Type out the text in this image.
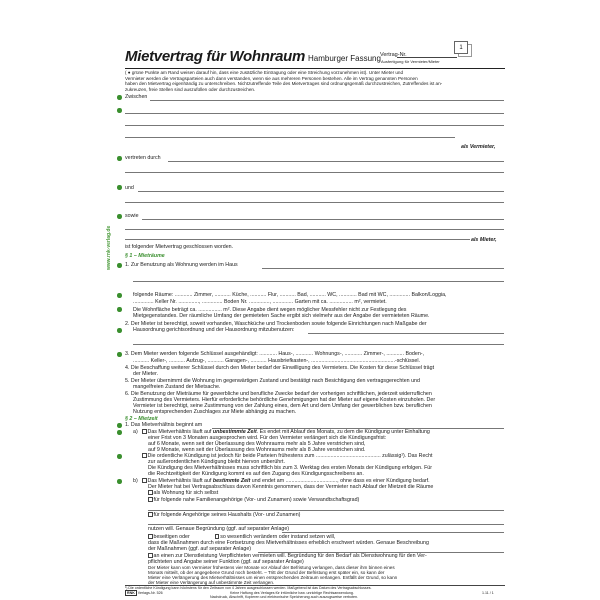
www.rnk-verlag.de
1
Mietvertrag für Wohnraum Hamburger Fassung Vertrag-Nr.
Ausfertigung für Vermieter/Mieter
( ● grüne Punkte am Rand weisen darauf hin, dass eine zusätzliche Eintragung oder eine Streichung vorzunehmen ist). Unter Mieter und
Vermieter werden die Vertragsparteien auch dann verstanden, wenn sie aus mehreren Personen bestehen. Alle im Vertrag genannten Personen
haben den Mietvertrag eigenhändig zu unterschreiben. Nichtzutreffende Teile des Mietvertrages sind ordnungsgemäß durchzustreichen, Zutreffendes ist an-
zukreuzen, freie Stellen sind auszufüllen oder durchzustreichen.
Zwischen
als Vermieter,
vertreten durch
und
sowie
als Mieter,
ist folgender Mietvertrag geschlossen worden.
§ 1 – Mieträume
1. Zur Benutzung als Wohnung werden im Haus
folgende Räume: ............ Zimmer, ........... Küche, ........... Flur, ........... Bad, ........... WC, ............ Bad mit WC, .............. Balkon/Loggia,
.............. Keller Nr. .............., .............. Boden Nr. .............., .............. Garten mit ca. ................ m², vermietet.
Die Wohnfläche beträgt ca. ................ m². Diese Angabe dient wegen möglicher Messfehler nicht zur Festlegung des
Mietgegenstandes. Der räumliche Umfang der gemieteten Sache ergibt sich vielmehr aus der Angabe der vermieteten Räume.
2. Der Mieter ist berechtigt, soweit vorhanden, Waschküche und Trockenboden sowie folgende Einrichtungen nach Maßgabe der
Hausordnung gerichtsordnung und der Hausordnung mitzubenutzen:
3. Dem Mieter werden folgende Schlüssel ausgehändigt: ............ Haus-, ............ Wohnungs-, ............ Zimmer-, ............ Boden-,
........... Keller-, ........... Aufzug-, ........... Garagen-, ........... Hausbriefkasten-, .........................................................-schlüssel.
4. Die Beschaffung weiterer Schlüssel durch den Mieter bedarf der Einwilligung des Vermieters. Die Kosten für diese Schlüssel trägt
der Mieter.
5. Der Mieter übernimmt die Wohnung im gegenwärtigen Zustand und bestätigt nach Besichtigung den vertragsgerechten und
mangelfreien Zustand der Mietsache.
6. Die Benutzung der Mieträume für gewerbliche und berufliche Zwecke bedarf der vorherigen schriftlichen, jederzeit widerruflichen
Zustimmung des Vermieters. Hierfür erforderliche behördliche Genehmigungen hat der Mieter auf eigene Kosten einzuholen. Der
Vermieter ist berechtigt, seine Zustimmung von der Zahlung eines, dem Art und dem Umfang der gewerblichen bzw. beruflichen
Nutzung entsprechenden Zuschlages zur Miete abhängig zu machen.
§ 2 – Mietzeit
1. Das Mietverhältnis beginnt am
a)	Das Mietverhältnis läuft auf unbestimmte Zeit. Es endet mit Ablauf des Monats, zu dem die Kündigung unter Einhaltung
einer Frist von 3 Monaten ausgesprochen wird. Für den Vermieter verlängert sich die Kündigungsfrist:
auf 6 Monate, wenn seit der Überlassung des Wohnraums mehr als 5 Jahre verstrichen sind,
auf 9 Monate, wenn seit der Überlassung des Wohnraums mehr als 8 Jahre verstrichen sind.
Die ordentliche Kündigung ist jedoch für beide Parteien frühestens zum ............................................ zulässig¹). Das Recht
zur außerordentlichen Kündigung bleibt hiervon unberührt.
Die Kündigung des Mietverhältnisses muss schriftlich bis zum 3. Werktag des ersten Monats der Kündigung erfolgen. Für
die Rechtzeitigkeit der Kündigung kommt es auf den Zugang des Kündigungsschreibens an.
b)	Das Mietverhältnis läuft auf bestimmte Zeit und endet am ..................................., ohne dass es einer Kündigung bedarf.
Der Mieter hat bei Vertragsabschluss davon Kenntnis genommen, dass der Vermieter nach Ablauf der Mietzeit die Räume
als Wohnung für sich selbst
für folgende nahe Familienangehörige (Vor- und Zunamen) sowie Verwandtschaftsgrad)
für folgende Angehörige seines Haushalts (Vor- und Zunamen)
nutzen will. Genaue Begründung (ggf. auf separater Anlage)
beseitigen oder	so wesentlich verändern oder instand setzen will,
dass die Maßnahmen durch eine Fortsetzung des Mietverhältnisses erheblich erschwert würden. Genaue Beschreibung
der Maßnahmen (ggf. auf separater Anlage)
an einen zur Dienstleistung Verpflichteten vermieten will. Begründung für den Bedarf als Dienstwohnung für den Ver-
pflichteten und Angabe seiner Funktion (ggf. auf separater Anlage)
Der Mieter kann vom Vermieter frühestens vier Monate vor Ablauf der Befristung verlangen, dass dieser ihm binnen eines
Monats mitteilt, ob der angegebene Grund noch besteht. – Tritt der Grund der Befristung erst später ein, so kann der
Mieter eine Verlängerung des Mietverhältnisses um einen entsprechenden Zeitraum verlangen. Entfällt der Grund, so kann
der Mieter eine Verlängerung auf unbestimmte Zeit verlangen.
¹) Die ordentliche Kündigung kann höchstens für den Zeitraum von 4 Jahren ausgeschlossen werden. Maßgebend ist das Datum des Vertragsabschlusses.
RNK Verlags-Nr. 526	Keine Haftung des Verlages für irrtümliche bzw. unrichtige Rechtsanwendung.
Nachdruck, Abschrift, Kopieren und elektronische Speicherung auch auszugsweise verboten.
1.11 / 1
